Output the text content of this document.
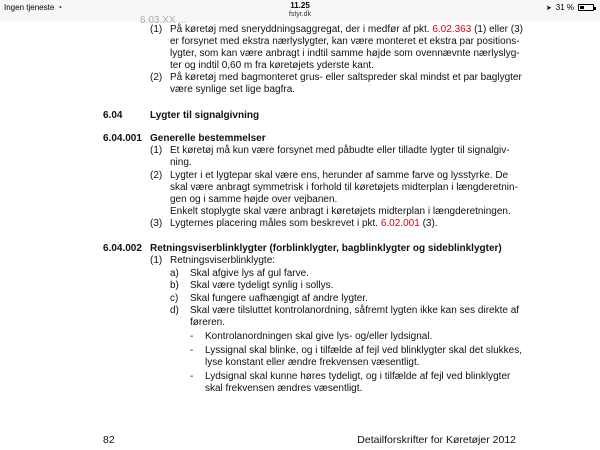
Ingen tjeneste ◔	11.25
fstyr.dk
➤ 31 %
6.03.XX ...
(1) På køretøj med sneryddningsaggregat, der i medfør af pkt. 6.02.363 (1) eller (3)
er forsynet med ekstra nærlyslygter, kan være monteret et ekstra par positions-
lygter, som kan være anbragt i indtil samme højde som ovennævnte nærlyslyg-
ter og indtil 0,60 m fra køretøjets yderste kant.
(2) På køretøj med bagmonteret grus- eller saltspreder skal mindst et par baglygter
være synlige set lige bagfra.
6.04	Lygter til signalgivning
6.04.001 Generelle bestemmelser
(1) Et køretøj må kun være forsynet med påbudte eller tilladte lygter til signalgiv-
ning.
(2) Lygter i et lygtepar skal være ens, herunder af samme farve og lysstyrke. De
skal være anbragt symmetrisk i forhold til køretøjets midterplan i længderetnin-
gen og i samme højde over vejbanen.
Enkelt stoplygte skal være anbragt i køretøjets midterplan i længderetningen.
(3) Lygternes placering måles som beskrevet i pkt. 6.02.001 (3).
6.04.002 Retningsviserblinklygter (forblinklygter, bagblinklygter og sideblinklygter)
(1) Retningsviserblinklygte:
a) Skal afgive lys af gul farve.
b) Skal være tydeligt synlig i sollys.
c) Skal fungere uafhængigt af andre lygter.
d) Skal være tilsluttet kontrolanordning, såfremt lygten ikke kan ses direkte af
føreren.
- Kontrolanordningen skal give lys- og/eller lydsignal.
- Lyssignal skal blinke, og i tilfælde af fejl ved blinklygter skal det slukkes,
lyse konstant eller ændre frekvensen væsentligt.
- Lydsignal skal kunne høres tydeligt, og i tilfælde af fejl ved blinklygter
skal frekvensen ændres væsentligt.
82	Detailforskrifter for Køretøjer 2012
